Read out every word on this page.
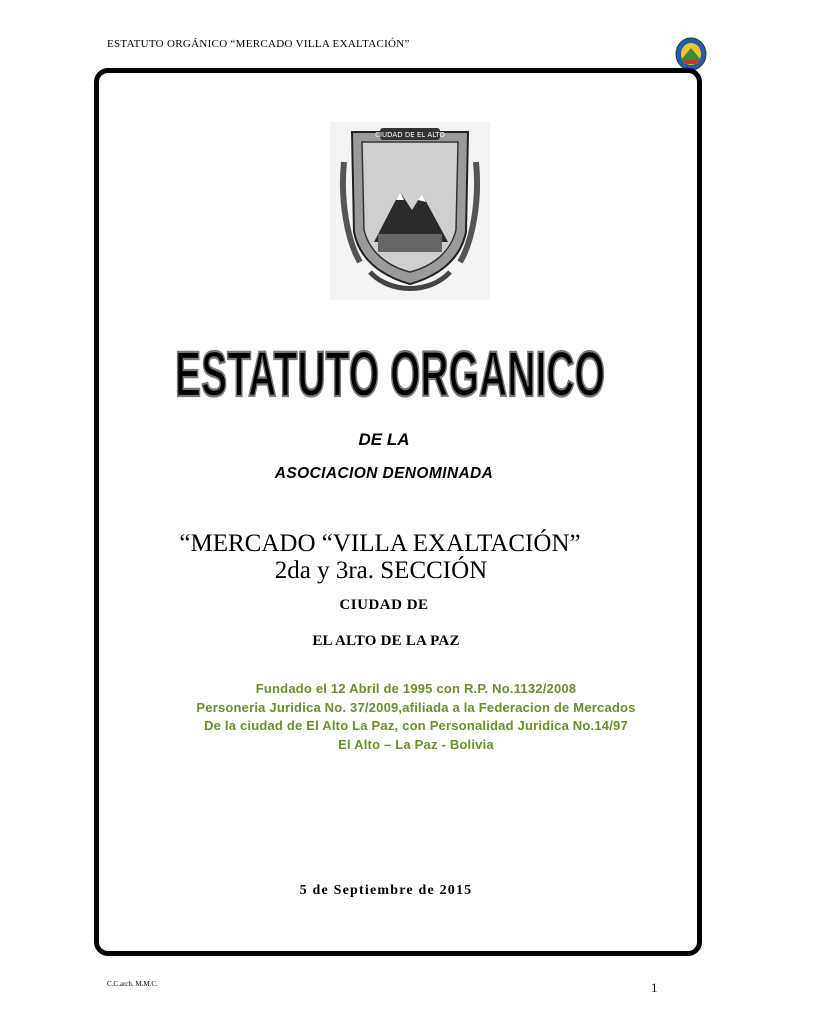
ESTATUTO ORGÁNICO “MERCADO VILLA EXALTACIÓN”
CIUDAD DE EL ALTO
ESTATUTO ORGANICO
DE LA
ASOCIACION DENOMINADA
“MERCADO “VILLA EXALTACIÓN”
2da y 3ra. SECCIÓN
CIUDAD DE
EL ALTO DE LA PAZ
Fundado el 12 Abril de 1995 con R.P. No.1132/2008
Personeria Juridica No. 37/2009,afiliada a la Federacion de Mercados
De la ciudad de El Alto La Paz, con Personalidad Juridica No.14/97
El Alto – La Paz - Bolivia
5 de Septiembre de 2015
C.C.arch. M.M.C.	1
